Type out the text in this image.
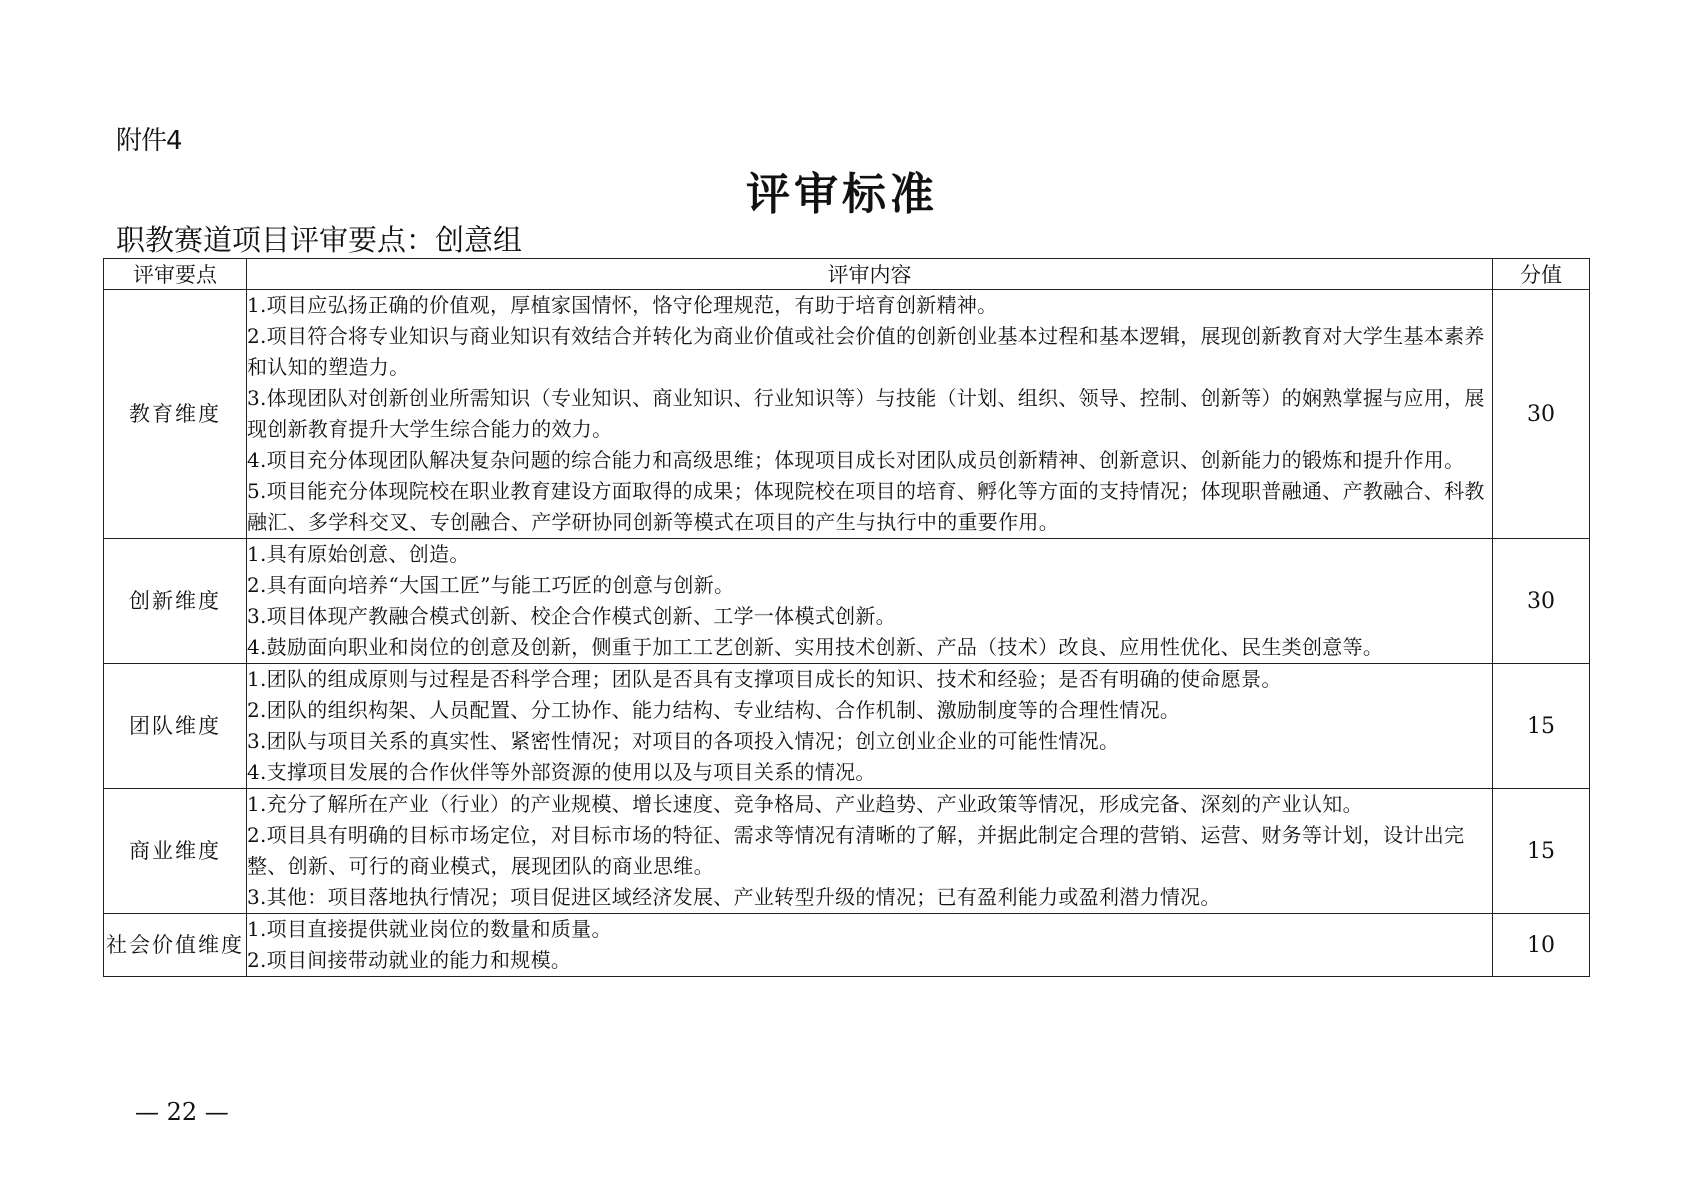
附件4
评审标准
职教赛道项目评审要点：创意组
评审要点	评审内容	分值
教育维度	1.项目应弘扬正确的价值观，厚植家国情怀，恪守伦理规范，有助于培育创新精神。
2.项目符合将专业知识与商业知识有效结合并转化为商业价值或社会价值的创新创业基本过程和基本逻辑，展现创新教育对大学生基本素养和认知的塑造力。
3.体现团队对创新创业所需知识（专业知识、商业知识、行业知识等）与技能（计划、组织、领导、控制、创新等）的娴熟掌握与应用，展现创新教育提升大学生综合能力的效力。
4.项目充分体现团队解决复杂问题的综合能力和高级思维；体现项目成长对团队成员创新精神、创新意识、创新能力的锻炼和提升作用。
5.项目能充分体现院校在职业教育建设方面取得的成果；体现院校在项目的培育、孵化等方面的支持情况；体现职普融通、产教融合、科教融汇、多学科交叉、专创融合、产学研协同创新等模式在项目的产生与执行中的重要作用。	30
创新维度	1.具有原始创意、创造。
2.具有面向培养“大国工匠”与能工巧匠的创意与创新。
3.项目体现产教融合模式创新、校企合作模式创新、工学一体模式创新。
4.鼓励面向职业和岗位的创意及创新，侧重于加工工艺创新、实用技术创新、产品（技术）改良、应用性优化、民生类创意等。	30
团队维度	1.团队的组成原则与过程是否科学合理；团队是否具有支撑项目成长的知识、技术和经验；是否有明确的使命愿景。
2.团队的组织构架、人员配置、分工协作、能力结构、专业结构、合作机制、激励制度等的合理性情况。
3.团队与项目关系的真实性、紧密性情况；对项目的各项投入情况；创立创业企业的可能性情况。
4.支撑项目发展的合作伙伴等外部资源的使用以及与项目关系的情况。	15
商业维度	1.充分了解所在产业（行业）的产业规模、增长速度、竞争格局、产业趋势、产业政策等情况，形成完备、深刻的产业认知。
2.项目具有明确的目标市场定位，对目标市场的特征、需求等情况有清晰的了解，并据此制定合理的营销、运营、财务等计划，设计出完整、创新、可行的商业模式，展现团队的商业思维。
3.其他：项目落地执行情况；项目促进区域经济发展、产业转型升级的情况；已有盈利能力或盈利潜力情况。	15
社会价值维度	1.项目直接提供就业岗位的数量和质量。
2.项目间接带动就业的能力和规模。	10
— 22 —
